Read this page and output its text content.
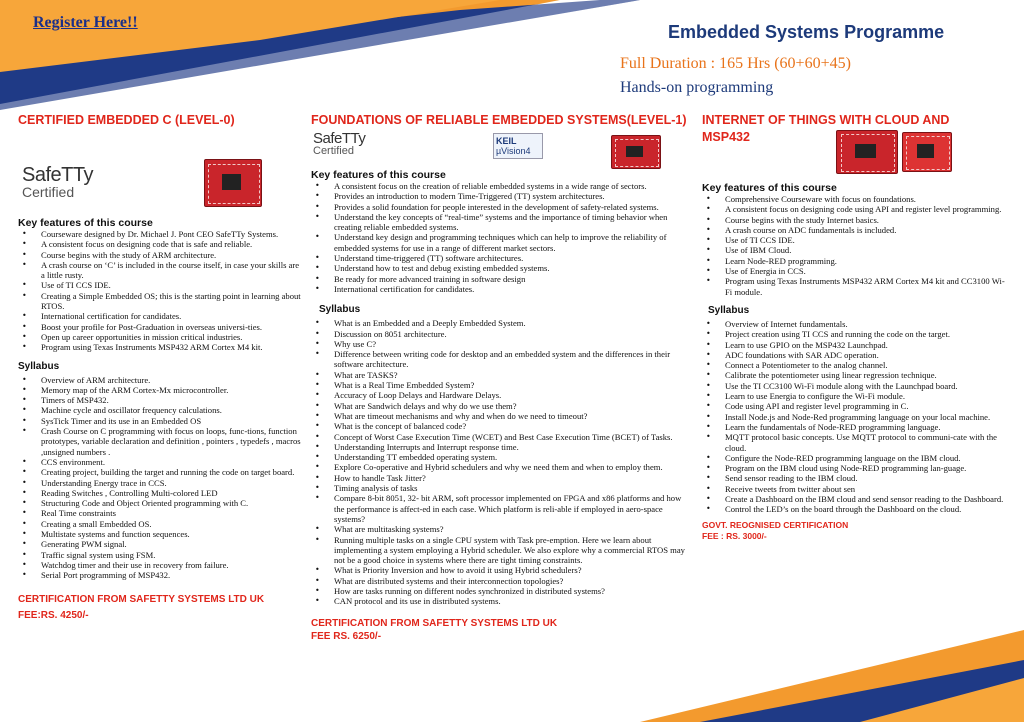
Register Here!!	Embedded Systems Programme
Full Duration : 165 Hrs (60+60+45)
Hands-on programming
CERTIFIED EMBEDDED C (LEVEL-0)
SafeTTy
Certified
Key features of this course
• Courseware designed by Dr. Michael J. Pont CEO SafeTTy Systems.
• A consistent focus on designing code that is safe and reliable.
• Course begins with the study of ARM architecture.
• A crash course on ‘C’ is included in the course itself, in case your skills are a little rusty.
• Use of TI CCS IDE.
• Creating a Simple Embedded OS; this is the starting point in learning about RTOS.
• International certification for candidates.
• Boost your profile for Post-Graduation in overseas universi-ties.
• Open up career opportunities in mission critical industries.
• Program using Texas Instruments MSP432 ARM Cortex M4 kit.
Syllabus
• Overview of ARM architecture.
• Memory map of the ARM Cortex-Mx microcontroller.
• Timers of MSP432.
• Machine cycle and oscillator frequency calculations.
• SysTick Timer and its use in an Embedded OS
• Crash Course on C programming with focus on loops, func-tions, function prototypes, variable declaration and definition , pointers , typedefs , macros ,unsigned numbers .
• CCS environment.
• Creating project, building the target and running the code on target board.
• Understanding Energy trace in CCS.
• Reading Switches , Controlling Multi-colored LED
• Structuring Code and Object Oriented programming with C.
• Real Time constraints
• Creating a small Embedded OS.
• Multistate systems and function sequences.
• Generating PWM signal.
• Traffic signal system using FSM.
• Watchdog timer and their use in recovery from failure.
• Serial Port programming of MSP432.
CERTIFICATION FROM SAFETTY SYSTEMS LTD UK
FEE:RS. 4250/-
FOUNDATIONS OF RELIABLE EMBEDDED SYSTEMS(LEVEL-1)
SafeTTy
Certified
KEIL
µVision4
Key features of this course
• A consistent focus on the creation of reliable embedded systems in a wide range of sectors.
• Provides an introduction to modern Time-Triggered (TT) system architectures.
• Provides a solid foundation for people interested in the development of safety-related systems.
• Understand the key concepts of “real-time” systems and the importance of timing behavior when creating reliable embedded systems.
• Understand key design and programming techniques which can help to improve the reliability of embedded systems for use in a range of different market sectors.
• Understand time-triggered (TT) software architectures.
• Understand how to test and debug existing embedded systems.
• Be ready for more advanced training in software design
• International certification for candidates.
Syllabus
• What is an Embedded and a Deeply Embedded System.
• Discussion on 8051 architecture.
• Why use C?
• Difference between writing code for desktop and an embedded system and the differences in their software architecture.
• What are TASKS?
• What is a Real Time Embedded System?
• Accuracy of Loop Delays and Hardware Delays.
• What are Sandwich delays and why do we use them?
• What are timeout mechanisms and why and when do we need to timeout?
• What is the concept of balanced code?
• Concept of Worst Case Execution Time (WCET) and Best Case Execution Time (BCET) of Tasks.
• Understanding Interrupts and Interrupt response time.
• Understanding TT embedded operating system.
• Explore Co-operative and Hybrid schedulers and why we need them and when to employ them.
• How to handle Task Jitter?
• Timing analysis of tasks
• Compare 8-bit 8051, 32- bit ARM, soft processor implemented on FPGA and x86 platforms and how the performance is affect-ed in each case. Which platform is reli-able if employed in aero-space systems?
• What are multitasking systems?
• Running multiple tasks on a single CPU system with Task pre-emption. Here we learn about implementing a system employing a Hybrid scheduler. We also explore why a commercial RTOS may not be a good choice in systems where there are tight timing constraints.
• What is Priority Inversion and how to avoid it using Hybrid schedulers?
• What are distributed systems and their interconnection topologies?
• How are tasks running on different nodes synchronized in distributed systems?
• CAN protocol and its use in distributed systems.
CERTIFICATION FROM SAFETTY SYSTEMS LTD UK
FEE RS. 6250/-
INTERNET OF THINGS WITH CLOUD AND MSP432
Key features of this course
• Comprehensive Courseware with focus on foundations.
• A consistent focus on designing code using API and register level programming.
• Course begins with the study Internet basics.
• A crash course on ADC fundamentals is included.
• Use of TI CCS IDE.
• Use of IBM Cloud.
• Learn Node-RED programming.
• Use of Energia in CCS.
• Program using Texas Instruments MSP432 ARM Cortex M4 kit and CC3100 Wi-Fi module.
Syllabus
• Overview of Internet fundamentals.
• Project creation using TI CCS and running the code on the target.
• Learn to use GPIO on the MSP432 Launchpad.
• ADC foundations with SAR ADC operation.
• Connect a Potentiometer to the analog channel.
• Calibrate the potentiometer using linear regression technique.
• Use the TI CC3100 Wi-Fi module along with the Launchpad board.
• Learn to use Energia to configure the Wi-Fi module.
• Code using API and register level programming in C.
• Install Node.js and Node-Red programming language on your local machine.
• Learn the fundamentals of Node-RED programming language.
• MQTT protocol basic concepts. Use MQTT protocol to communi-cate with the cloud.
• Configure the Node-RED programming language on the IBM cloud.
• Program on the IBM cloud using Node-RED programming lan-guage.
• Send sensor reading to the IBM cloud.
• Receive tweets from twitter about sen
• Create a Dashboard on the IBM cloud and send sensor reading to the Dashboard.
• Control the LED’s on the board through the Dashboard on the cloud.
GOVT. REOGNISED CERTIFICATION
FEE : RS. 3000/-
